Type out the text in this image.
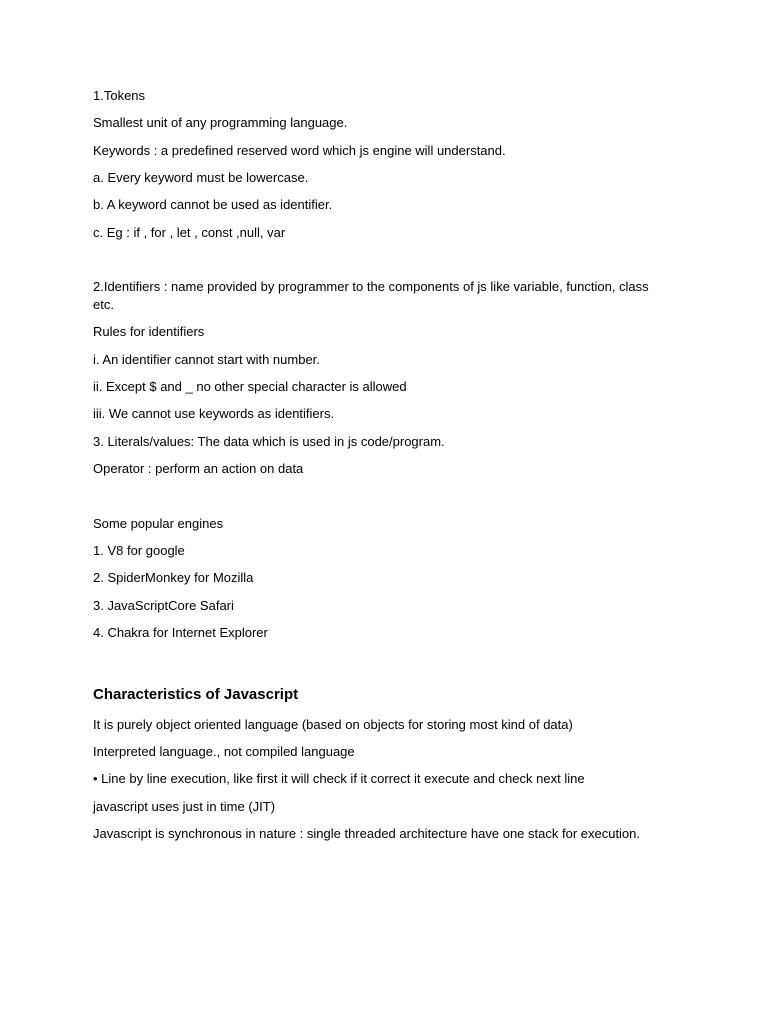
1.Tokens
Smallest unit of any programming language.
Keywords : a predefined reserved word which js engine will understand.
a. Every keyword must be lowercase.
b. A keyword cannot be used as identifier.
c. Eg : if , for , let , const ,null, var
2.Identifiers : name provided by programmer to the components of js like variable, function, class etc.
Rules for identifiers
i. An identifier cannot start with number.
ii. Except $ and _ no other special character is allowed
iii. We cannot use keywords as identifiers.
3. Literals/values: The data which is used in js code/program.
Operator : perform an action on data
Some popular engines
1. V8 for google
2. SpiderMonkey for Mozilla
3. JavaScriptCore Safari
4. Chakra for Internet Explorer
Characteristics of Javascript
It is purely object oriented language (based on objects for storing most kind of data)
Interpreted language., not compiled language
• Line by line execution, like first it will check if it correct it execute and check next line
javascript uses just in time (JIT)
Javascript is synchronous in nature : single threaded architecture have one stack for execution.
